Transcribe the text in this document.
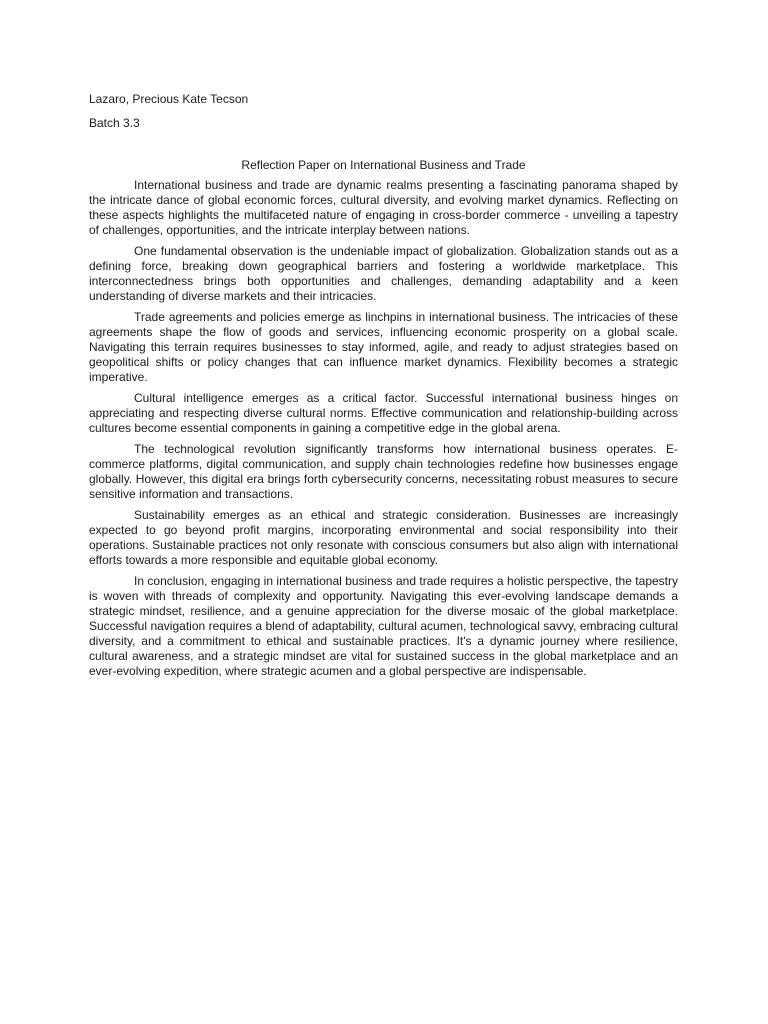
Lazaro, Precious Kate Tecson

Batch 3.3

Reflection Paper on International Business and Trade

International business and trade are dynamic realms presenting a fascinating panorama shaped by the intricate dance of global economic forces, cultural diversity, and evolving market dynamics. Reflecting on these aspects highlights the multifaceted nature of engaging in cross-border commerce - unveiling a tapestry of challenges, opportunities, and the intricate interplay between nations.

One fundamental observation is the undeniable impact of globalization. Globalization stands out as a defining force, breaking down geographical barriers and fostering a worldwide marketplace. This interconnectedness brings both opportunities and challenges, demanding adaptability and a keen understanding of diverse markets and their intricacies.

Trade agreements and policies emerge as linchpins in international business. The intricacies of these agreements shape the flow of goods and services, influencing economic prosperity on a global scale. Navigating this terrain requires businesses to stay informed, agile, and ready to adjust strategies based on geopolitical shifts or policy changes that can influence market dynamics. Flexibility becomes a strategic imperative.

Cultural intelligence emerges as a critical factor. Successful international business hinges on appreciating and respecting diverse cultural norms. Effective communication and relationship-building across cultures become essential components in gaining a competitive edge in the global arena.

The technological revolution significantly transforms how international business operates. E-commerce platforms, digital communication, and supply chain technologies redefine how businesses engage globally. However, this digital era brings forth cybersecurity concerns, necessitating robust measures to secure sensitive information and transactions.

Sustainability emerges as an ethical and strategic consideration. Businesses are increasingly expected to go beyond profit margins, incorporating environmental and social responsibility into their operations. Sustainable practices not only resonate with conscious consumers but also align with international efforts towards a more responsible and equitable global economy.

In conclusion, engaging in international business and trade requires a holistic perspective, the tapestry is woven with threads of complexity and opportunity. Navigating this ever-evolving landscape demands a strategic mindset, resilience, and a genuine appreciation for the diverse mosaic of the global marketplace. Successful navigation requires a blend of adaptability, cultural acumen, technological savvy, embracing cultural diversity, and a commitment to ethical and sustainable practices. It's a dynamic journey where resilience, cultural awareness, and a strategic mindset are vital for sustained success in the global marketplace and an ever-evolving expedition, where strategic acumen and a global perspective are indispensable.
